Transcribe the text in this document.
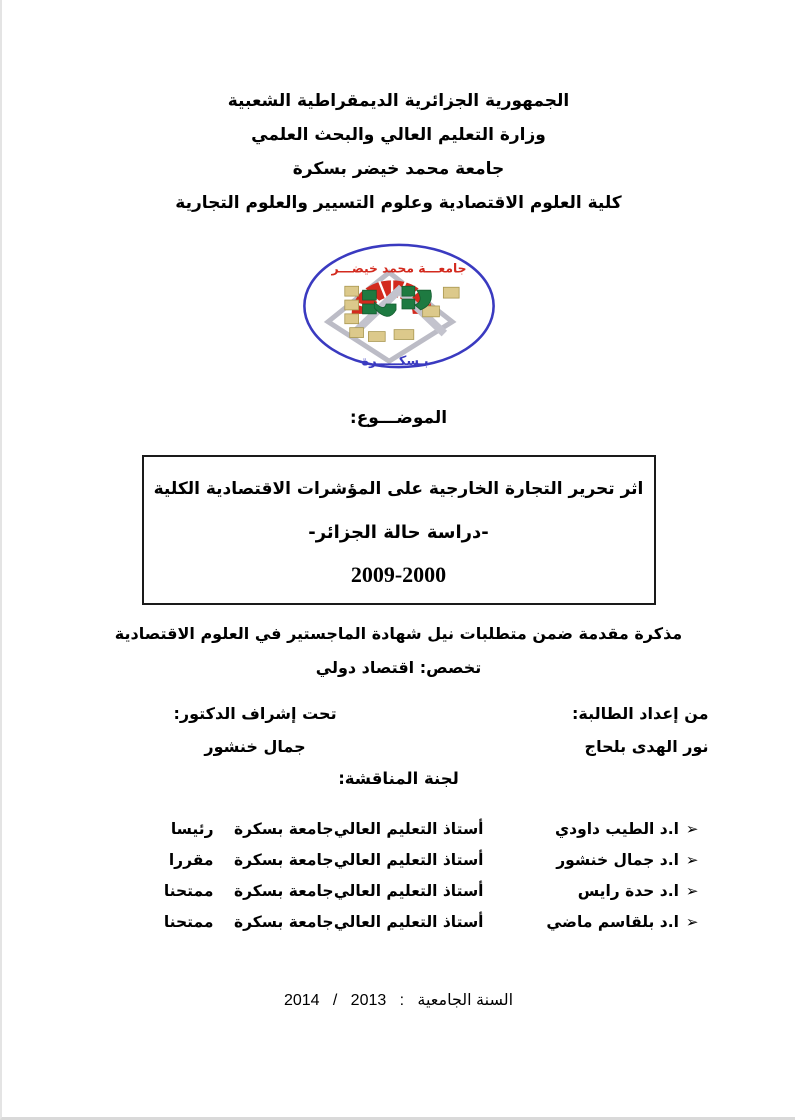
الجمهورية الجزائرية الديمقراطية الشعبية
وزارة التعليم العالي والبحث العلمي
جامعة محمد خيضر بسكرة
كلية العلوم الاقتصادية وعلوم التسيير والعلوم التجارية
جامعـــة محمد خيضـــر
بـسكـــــرة
الموضـــوع:
اثر تحرير التجارة الخارجية على المؤشرات الاقتصادية الكلية
-دراسة حالة الجزائر-
2009-2000
مذكرة مقدمة ضمن متطلبات نيل شهادة الماجستير في العلوم الاقتصادية
تخصص: اقتصاد دولي
من إعداد الطالبة:
نور الهدى بلحاج
تحت إشراف الدكتور:
جمال خنشور
لجنة المناقشة:
➢ا.د الطيب داودي
أستاذ التعليم العالي
جامعة بسكرة
رئيسا
➢ا.د جمال خنشور
أستاذ التعليم العالي
جامعة بسكرة
مقررا
➢ا.د حدة رايس
أستاذ التعليم العالي
جامعة بسكرة
ممتحنا
➢ا.د بلقاسم ماضي
أستاذ التعليم العالي
جامعة بسكرة
ممتحنا
السنة الجامعية   :   2013   /   2014
